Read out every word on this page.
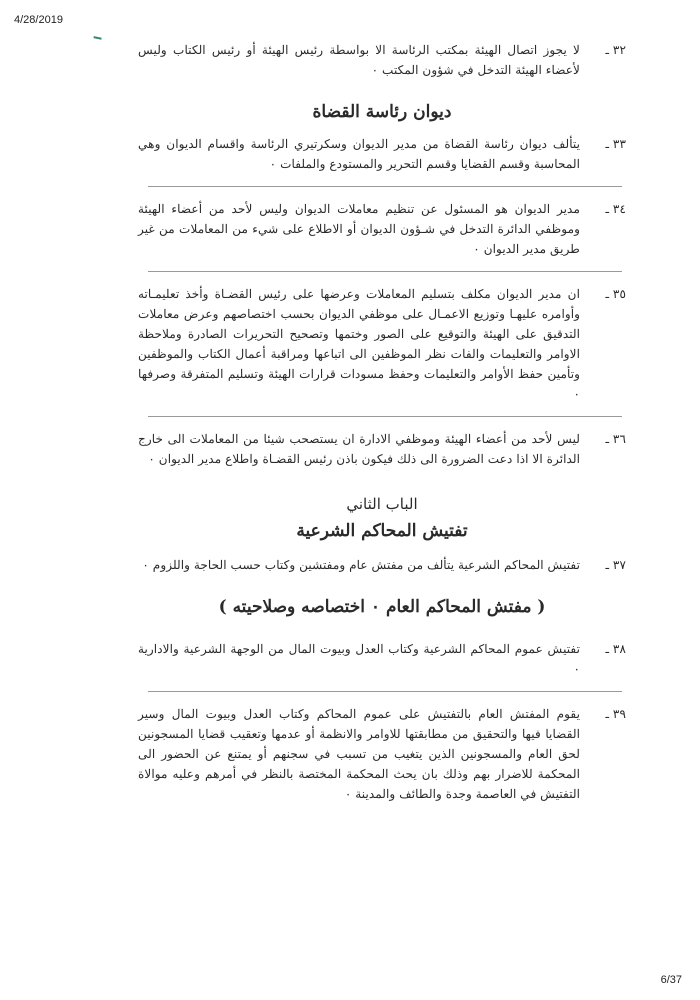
4/28/2019
٣٢ ـ
لا يجوز اتصال الهيئة بمكتب الرئاسة الا بواسطة رئيس الهيئة أو رئيس الكتاب وليس لأعضاء الهيئة التدخل في شؤون المكتب ٠
ديوان رئاسة القضاة
٣٣ ـ
يتألف ديوان رئاسة القضاة من مدير الديوان وسكرتيري الرئاسة واقسام الديوان وهي المحاسبة وقسم القضايا وقسم التحرير والمستودع والملفات ٠
٣٤ ـ
مدير الديوان هو المسئول عن تنظيم معاملات الديوان وليس لأحد من أعضاء الهيئة وموظفي الدائرة التدخل في شـؤون الديوان أو الاطلاع على شيء من المعاملات من غير طريق مدير الديوان ٠
٣٥ ـ
ان مدير الديوان مكلف بتسليم المعاملات وعرضها على رئيس القضـاة وأخذ تعليمـاته وأوامره عليهـا وتوزيع الاعمـال على موظفي الديوان بحسب اختصاصهم وعرض معاملات التدقيق على الهيئة والتوقيع على الصور وختمها وتصحيح التحريرات الصادرة وملاحظة الاوامر والتعليمات والفات نظر الموظفين الى اتباعها ومراقبة أعمال الكتاب والموظفين وتأمين حفظ الأوامر والتعليمات وحفظ مسودات قرارات الهيئة وتسليم المتفرقة وصرفها ٠
٣٦ ـ
ليس لأحد من أعضاء الهيئة وموظفي الادارة ان يستصحب شيئا من المعاملات الى خارج الدائرة الا اذا دعت الضرورة الى ذلك فيكون باذن رئيس القضـاة واطلاع مدير الديوان ٠
الباب الثاني
تفتيش المحاكم الشرعية
٣٧ ـ
تفتيش المحاكم الشرعية يتألف من مفتش عام ومفتشين وكتاب حسب الحاجة واللزوم ٠
( مفتش المحاكم العام ٠ اختصاصه وصلاحيته )
٣٨ ـ
تفتيش عموم المحاكم الشرعية وكتاب العدل وبيوت المال من الوجهة الشرعية والادارية ٠
٣٩ ـ
يقوم المفتش العام بالتفتيش على عموم المحاكم وكتاب العدل وبيوت المال وسير القضايا فيها والتحقيق من مطابقتها للاوامر والانظمة أو عدمها وتعقيب قضايا المسجونين لحق العام والمسجونين الذين يتغيب من تسبب في سجنهم أو يمتنع عن الحضور الى المحكمة للاضرار بهم وذلك بان يحث المحكمة المختصة بالنظر في أمرهم وعليه موالاة التفتيش في العاصمة وجدة والطائف والمدينة ٠
6/37
